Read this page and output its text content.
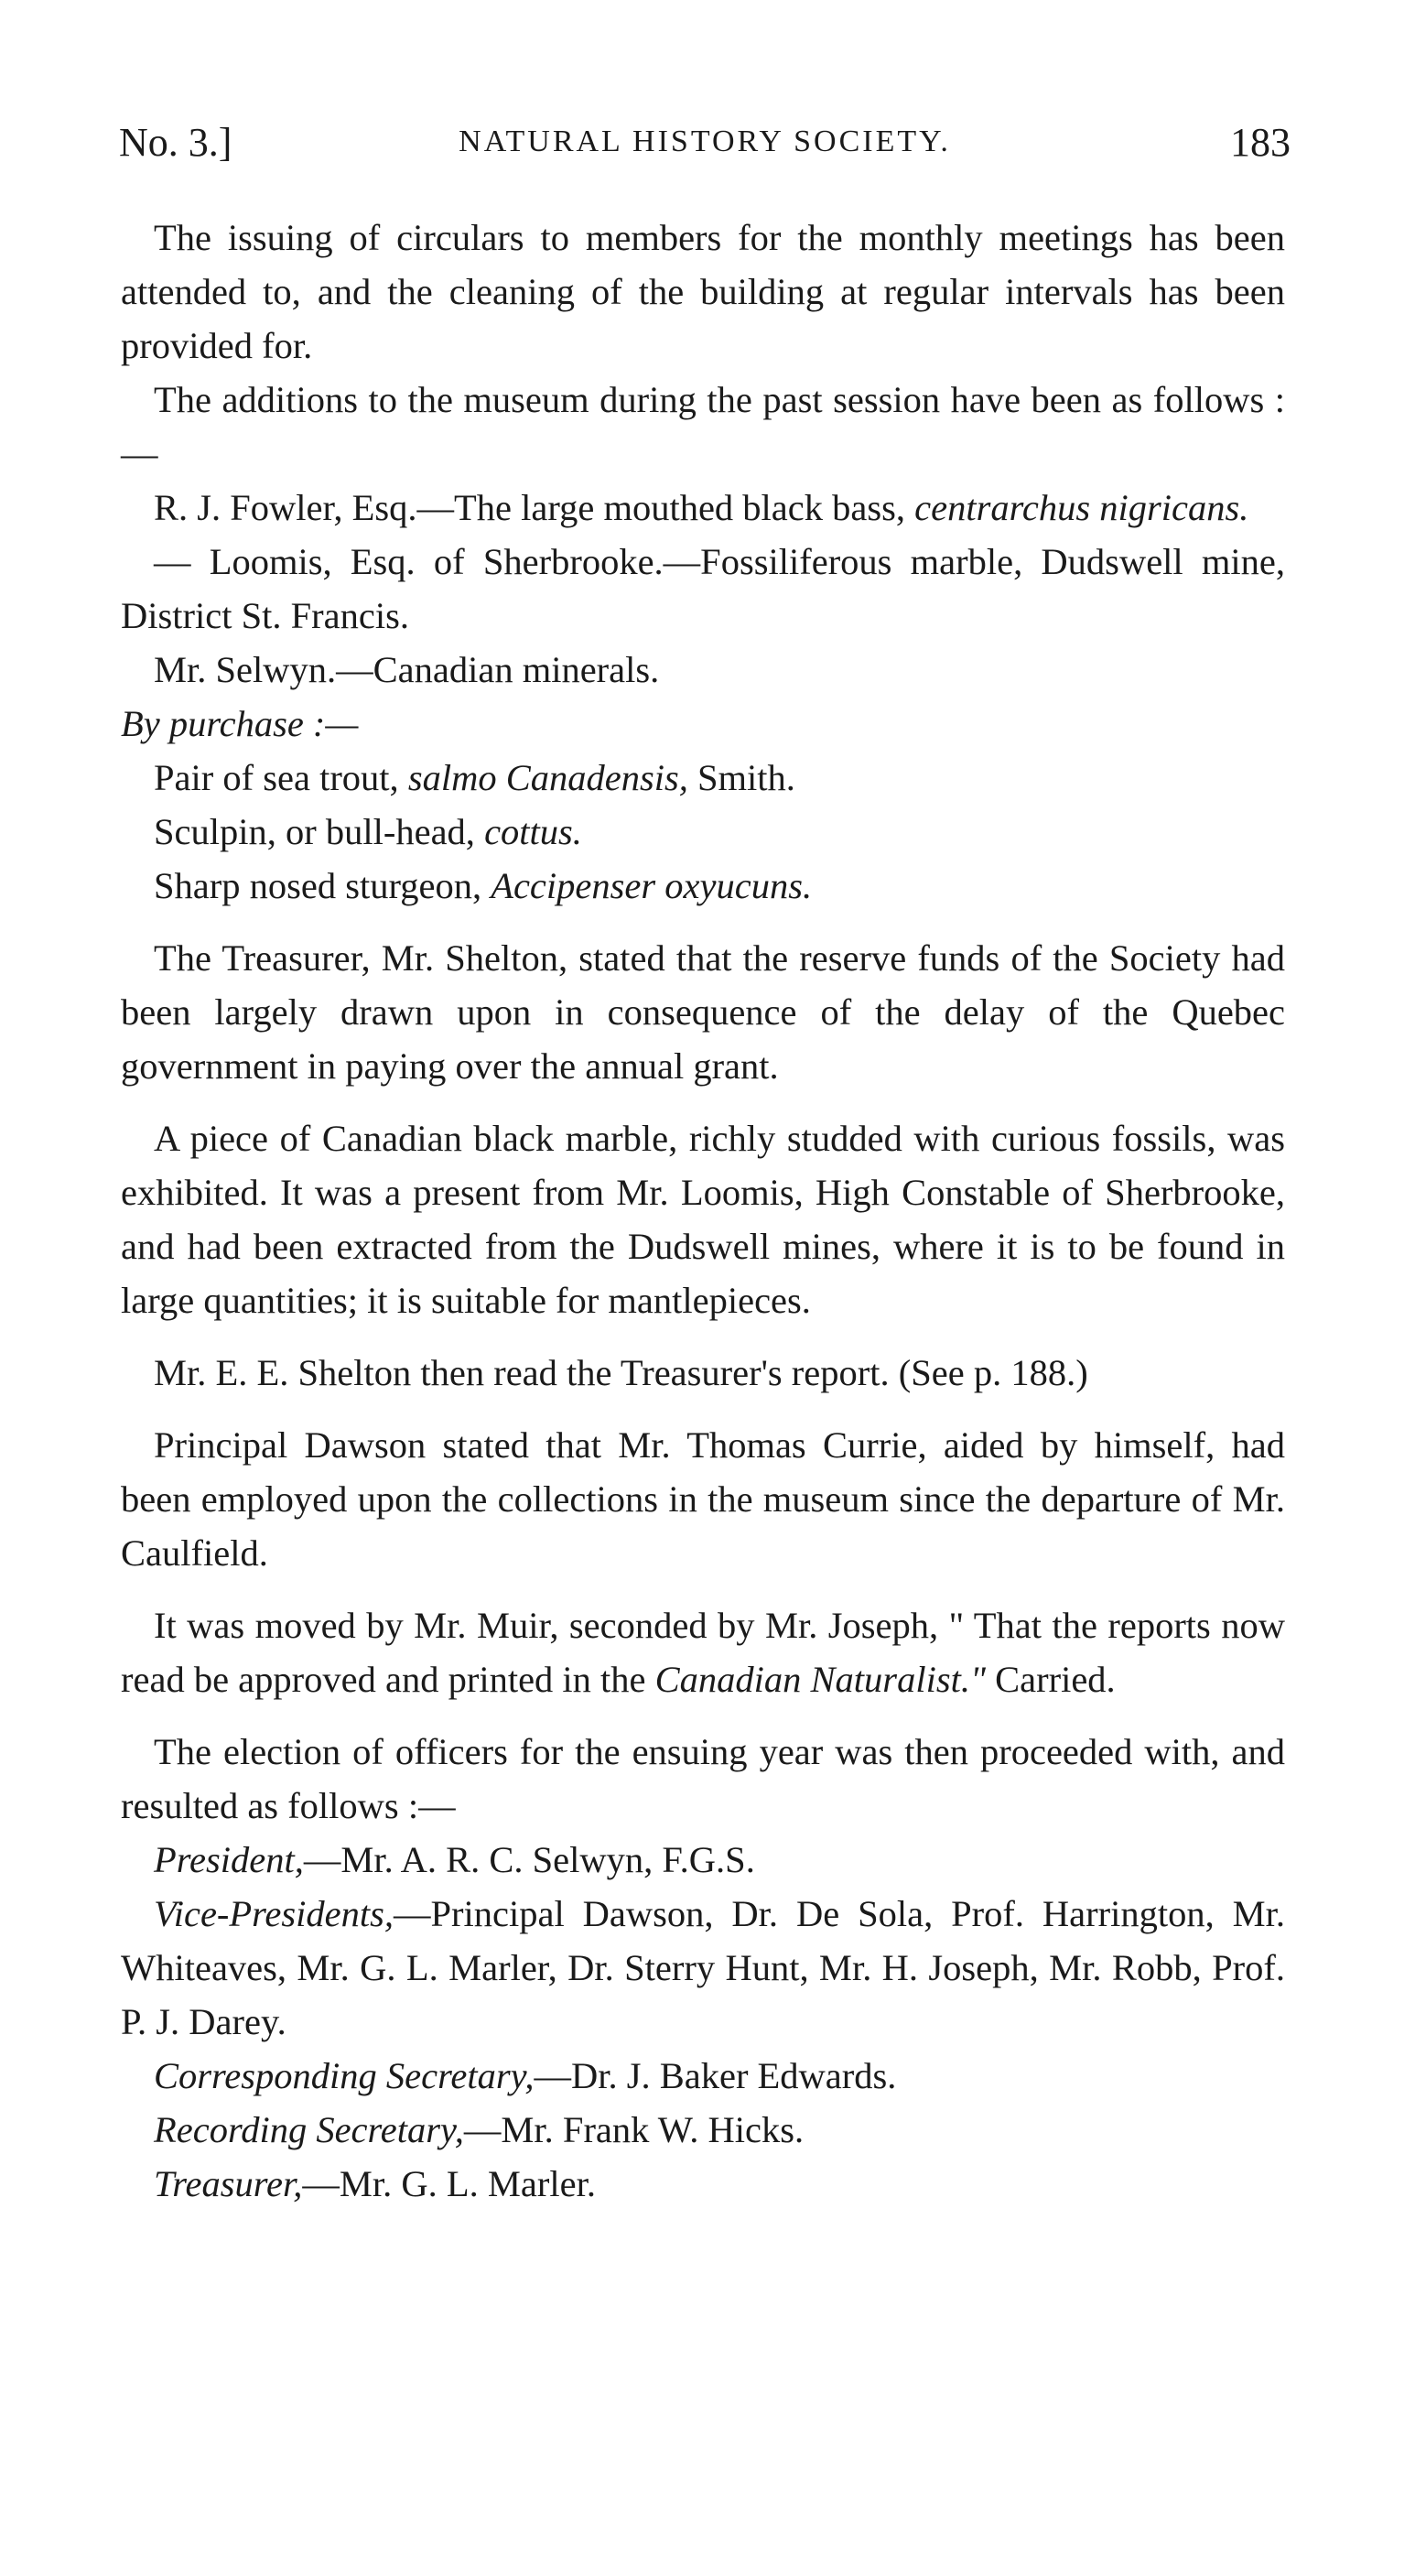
No. 3.]	NATURAL HISTORY SOCIETY.	183

The issuing of circulars to members for the monthly meetings has been attended to, and the cleaning of the building at regular intervals has been provided for.

The additions to the museum during the past session have been as follows :—

R. J. Fowler, Esq.—The large mouthed black bass, centrarchus nigricans.

— Loomis, Esq. of Sherbrooke.—Fossiliferous marble, Dudswell mine, District St. Francis.

Mr. Selwyn.—Canadian minerals.

By purchase :—

Pair of sea trout, salmo Canadensis, Smith.

Sculpin, or bull-head, cottus.

Sharp nosed sturgeon, Accipenser oxyucuns.

The Treasurer, Mr. Shelton, stated that the reserve funds of the Society had been largely drawn upon in consequence of the delay of the Quebec government in paying over the annual grant.

A piece of Canadian black marble, richly studded with curious fossils, was exhibited. It was a present from Mr. Loomis, High Constable of Sherbrooke, and had been extracted from the Dudswell mines, where it is to be found in large quantities; it is suitable for mantlepieces.

Mr. E. E. Shelton then read the Treasurer's report. (See p. 188.)

Principal Dawson stated that Mr. Thomas Currie, aided by himself, had been employed upon the collections in the museum since the departure of Mr. Caulfield.

It was moved by Mr. Muir, seconded by Mr. Joseph, " That the reports now read be approved and printed in the Canadian Naturalist." Carried.

The election of officers for the ensuing year was then proceeded with, and resulted as follows :—

President,—Mr. A. R. C. Selwyn, F.G.S.

Vice-Presidents,—Principal Dawson, Dr. De Sola, Prof. Harrington, Mr. Whiteaves, Mr. G. L. Marler, Dr. Sterry Hunt, Mr. H. Joseph, Mr. Robb, Prof. P. J. Darey.

Corresponding Secretary,—Dr. J. Baker Edwards.

Recording Secretary,—Mr. Frank W. Hicks.

Treasurer,—Mr. G. L. Marler.
